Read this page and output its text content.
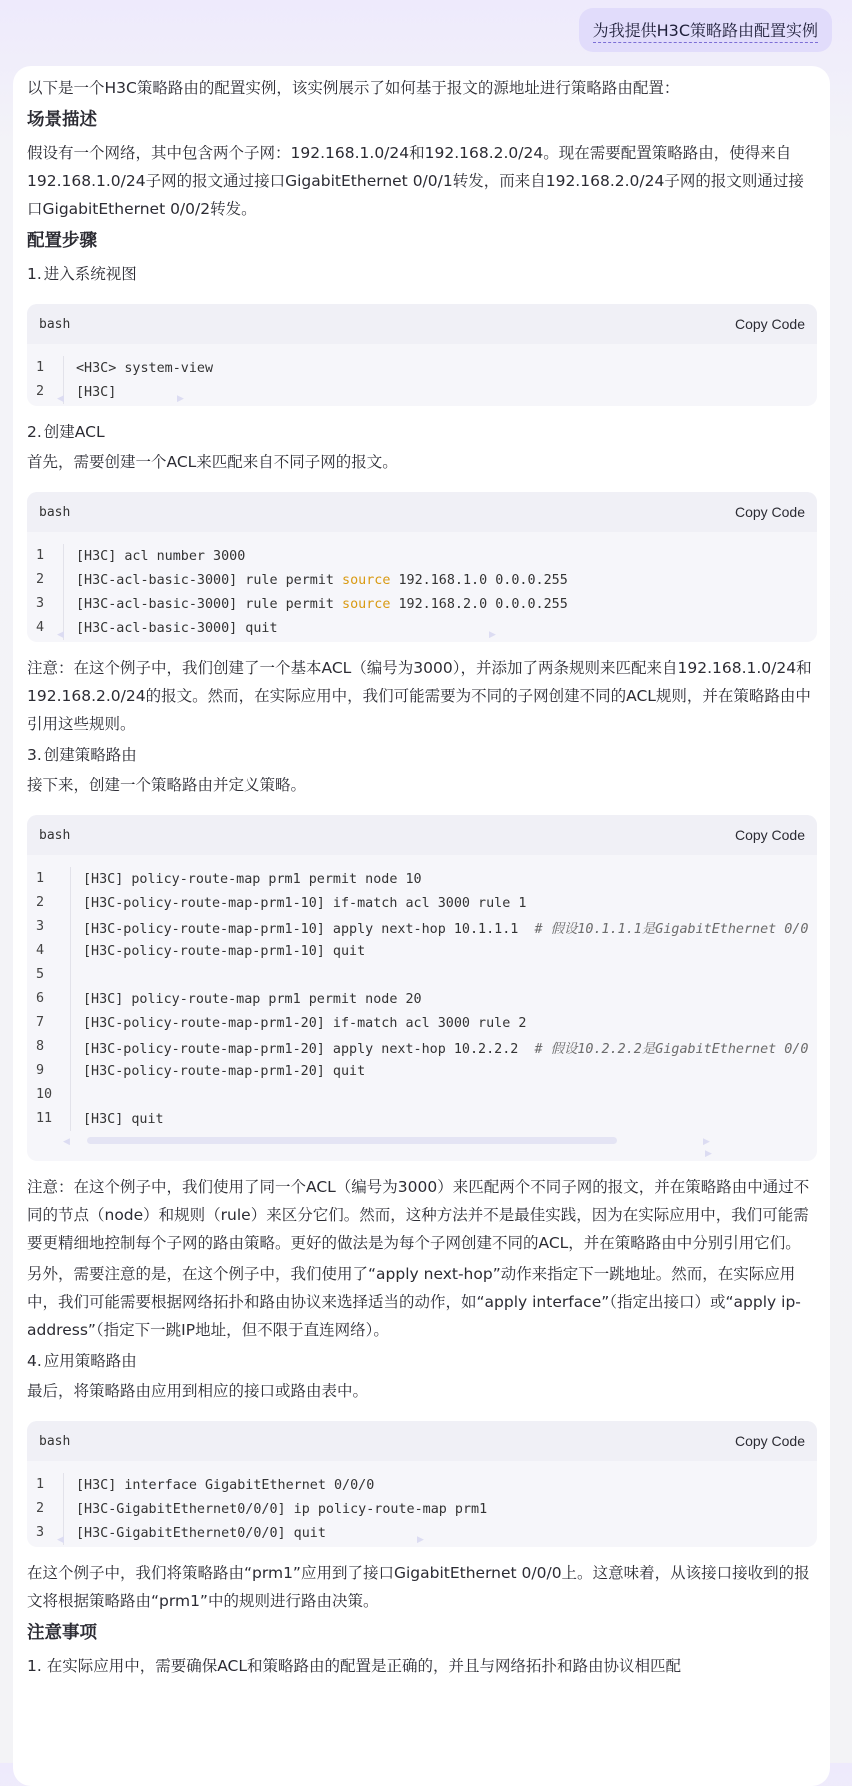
为我提供H3C策略路由配置实例

以下是一个H3C策略路由的配置实例，该实例展示了如何基于报文的源地址进行策略路由配置：

场景描述

假设有一个网络，其中包含两个子网：192.168.1.0/24和192.168.2.0/24。现在需要配置策略路由，使得来自192.168.1.0/24子网的报文通过接口GigabitEthernet 0/0/1转发，而来自192.168.2.0/24子网的报文则通过接口GigabitEthernet 0/0/2转发。

配置步骤
1. 进入系统视图
bash	Copy Code
1	<H3C> system-view
2	[H3C]
◀	▶
2. 创建ACL

首先，需要创建一个ACL来匹配来自不同子网的报文。

bash	Copy Code
1	[H3C] acl number 3000
2	[H3C-acl-basic-3000] rule permit source 192.168.1.0 0.0.0.255
3	[H3C-acl-basic-3000] rule permit source 192.168.2.0 0.0.0.255
4	[H3C-acl-basic-3000] quit
◀	▶

注意：在这个例子中，我们创建了一个基本ACL（编号为3000），并添加了两条规则来匹配来自192.168.1.0/24和192.168.2.0/24的报文。然而，在实际应用中，我们可能需要为不同的子网创建不同的ACL规则，并在策略路由中引用这些规则。

3. 创建策略路由

接下来，创建一个策略路由并定义策略。

bash	Copy Code
1	[H3C] policy-route-map prm1 permit node 10
2	[H3C-policy-route-map-prm1-10] if-match acl 3000 rule 1
3	[H3C-policy-route-map-prm1-10] apply next-hop 10.1.1.1  # 假设10.1.1.1是GigabitEthernet 0/0
4	[H3C-policy-route-map-prm1-10] quit
5
6	[H3C] policy-route-map prm1 permit node 20
7	[H3C-policy-route-map-prm1-20] if-match acl 3000 rule 2
8	[H3C-policy-route-map-prm1-20] apply next-hop 10.2.2.2  # 假设10.2.2.2是GigabitEthernet 0/0
9	[H3C-policy-route-map-prm1-20] quit
10
11	[H3C] quit
◀	▶
▶

注意：在这个例子中，我们使用了同一个ACL（编号为3000）来匹配两个不同子网的报文，并在策略路由中通过不同的节点（node）和规则（rule）来区分它们。然而，这种方法并不是最佳实践，因为在实际应用中，我们可能需要更精细地控制每个子网的路由策略。更好的做法是为每个子网创建不同的ACL，并在策略路由中分别引用它们。

另外，需要注意的是，在这个例子中，我们使用了“apply next-hop”动作来指定下一跳地址。然而，在实际应用中，我们可能需要根据网络拓扑和路由协议来选择适当的动作，如“apply interface”（指定出接口）或“apply ip-address”（指定下一跳IP地址，但不限于直连网络）。

4. 应用策略路由

最后，将策略路由应用到相应的接口或路由表中。

bash	Copy Code
1	[H3C] interface GigabitEthernet 0/0/0
2	[H3C-GigabitEthernet0/0/0] ip policy-route-map prm1
3	[H3C-GigabitEthernet0/0/0] quit
◀	▶

在这个例子中，我们将策略路由“prm1”应用到了接口GigabitEthernet 0/0/0上。这意味着，从该接口接收到的报文将根据策略路由“prm1”中的规则进行路由决策。

注意事项

1. 在实际应用中，需要确保ACL和策略路由的配置是正确的，并且与网络拓扑和路由协议相匹配
